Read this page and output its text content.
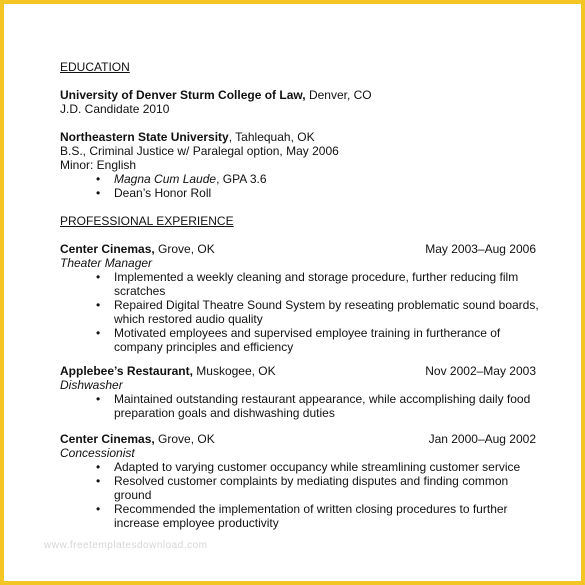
EDUCATION

University of Denver Sturm College of Law, Denver, CO
J.D. Candidate 2010
Northeastern State University, Tahlequah, OK
B.S., Criminal Justice w/ Paralegal option, May 2006
Minor: English
• Magna Cum Laude, GPA 3.6
• Dean’s Honor Roll

PROFESSIONAL EXPERIENCE

Center Cinemas, Grove, OK	May 2003–Aug 2006
Theater Manager
• Implemented a weekly cleaning and storage procedure, further reducing film scratches
• Repaired Digital Theatre Sound System by reseating problematic sound boards, which restored audio quality
• Motivated employees and supervised employee training in furtherance of company principles and efficiency
Applebee’s Restaurant, Muskogee, OK	Nov 2002–May 2003
Dishwasher
• Maintained outstanding restaurant appearance, while accomplishing daily food preparation goals and dishwashing duties
Center Cinemas, Grove, OK	Jan 2000–Aug 2002
Concessionist
• Adapted to varying customer occupancy while streamlining customer service
• Resolved customer complaints by mediating disputes and finding common ground
• Recommended the implementation of written closing procedures to further increase employee productivity
www.freetemplatesdownload.com
